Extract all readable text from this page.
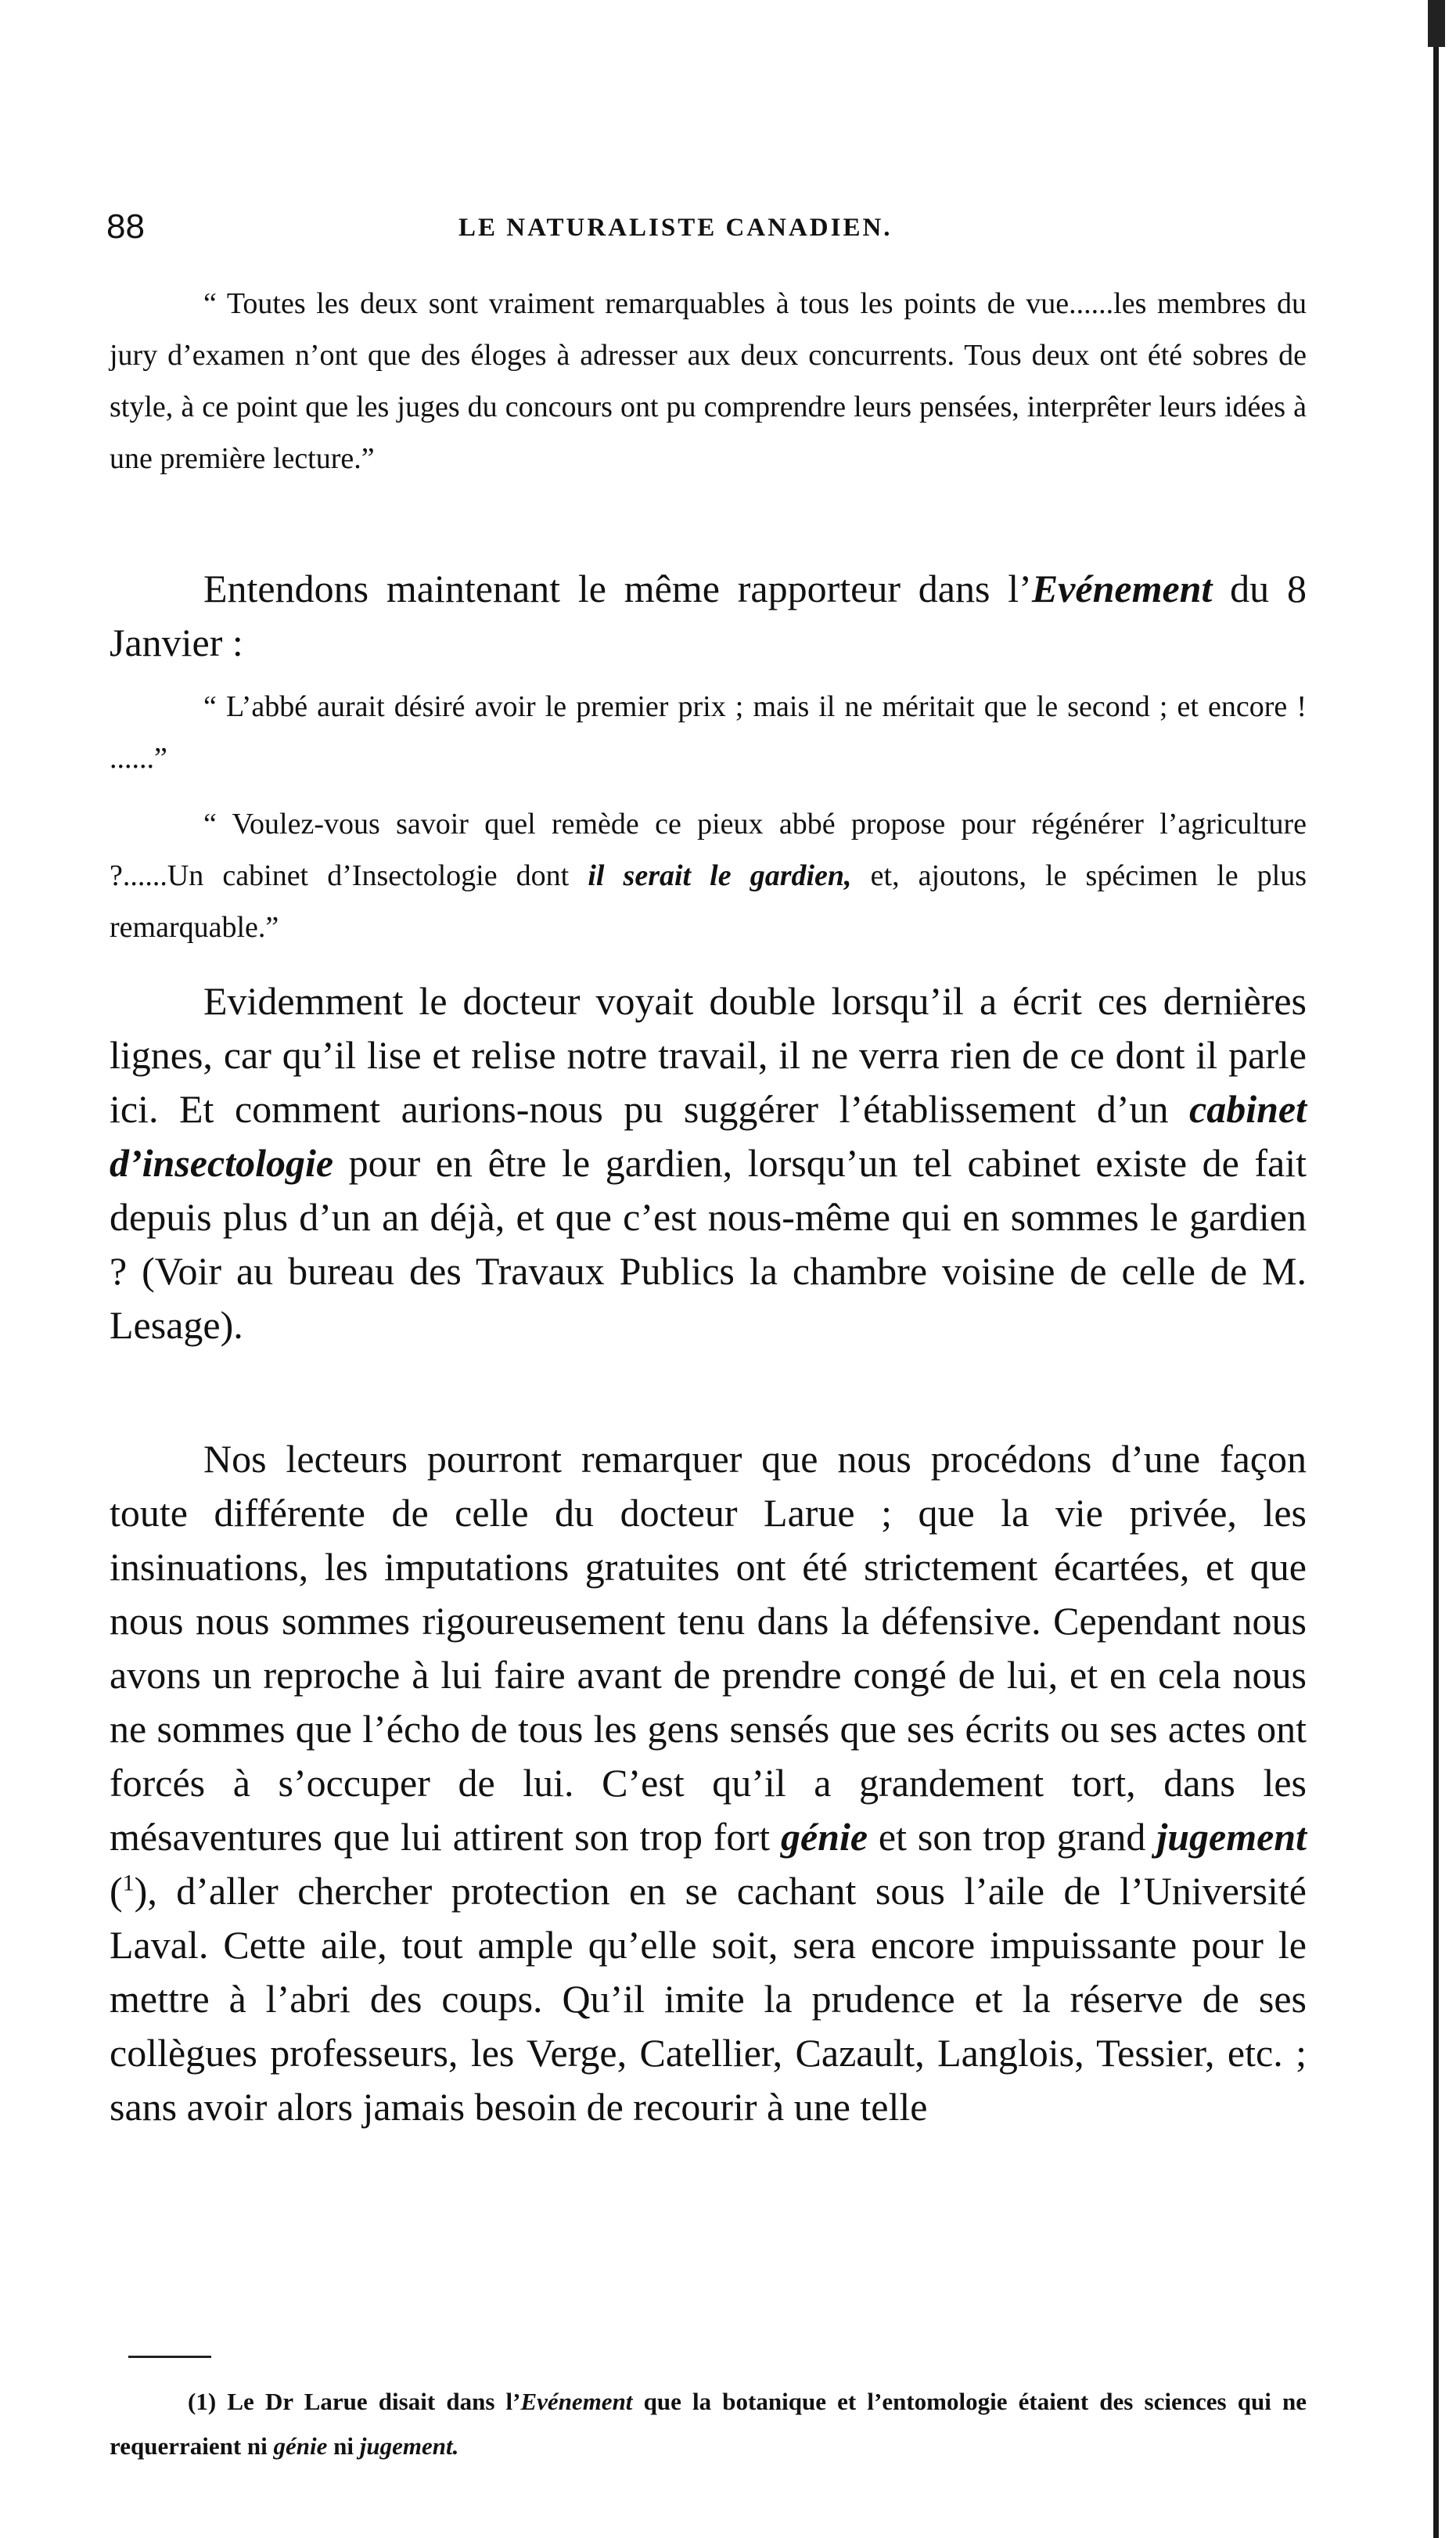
88	LE NATURALISTE CANADIEN.

“ Toutes les deux sont vraiment remarquables à tous les points de vue......les membres du jury d’examen n’ont que des éloges à adresser aux deux concurrents. Tous deux ont été sobres de style, à ce point que les juges du concours ont pu comprendre leurs pensées, interprêter leurs idées à une première lecture.”

Entendons maintenant le même rapporteur dans l’Evénement du 8 Janvier :

“ L’abbé aurait désiré avoir le premier prix ; mais il ne méritait que le second ; et encore ! ......”

“ Voulez-vous savoir quel remède ce pieux abbé propose pour régénérer l’agriculture ?......Un cabinet d’Insectologie dont il serait le gardien, et, ajoutons, le spécimen le plus remarquable.”

Evidemment le docteur voyait double lorsqu’il a écrit ces dernières lignes, car qu’il lise et relise notre travail, il ne verra rien de ce dont il parle ici. Et comment aurions-nous pu suggérer l’établissement d’un cabinet d’insectologie pour en être le gardien, lorsqu’un tel cabinet existe de fait depuis plus d’un an déjà, et que c’est nous-même qui en sommes le gardien ? (Voir au bureau des Travaux Publics la chambre voisine de celle de M. Lesage).

Nos lecteurs pourront remarquer que nous procédons d’une façon toute différente de celle du docteur Larue ; que la vie privée, les insinuations, les imputations gratuites ont été strictement écartées, et que nous nous sommes rigoureusement tenu dans la défensive. Cependant nous avons un reproche à lui faire avant de prendre congé de lui, et en cela nous ne sommes que l’écho de tous les gens sensés que ses écrits ou ses actes ont forcés à s’occuper de lui. C’est qu’il a grandement tort, dans les mésaventures que lui attirent son trop fort génie et son trop grand jugement ($^1$), d’aller chercher protection en se cachant sous l’aile de l’Université Laval. Cette aile, tout ample qu’elle soit, sera encore impuissante pour le mettre à l’abri des coups. Qu’il imite la prudence et la réserve de ses collègues professeurs, les Verge, Catellier, Cazault, Langlois, Tessier, etc. ; sans avoir alors jamais besoin de recourir à une telle

(1) Le Dr Larue disait dans l’Evénement que la botanique et l’entomologie étaient des sciences qui ne requerraient ni génie ni jugement.
